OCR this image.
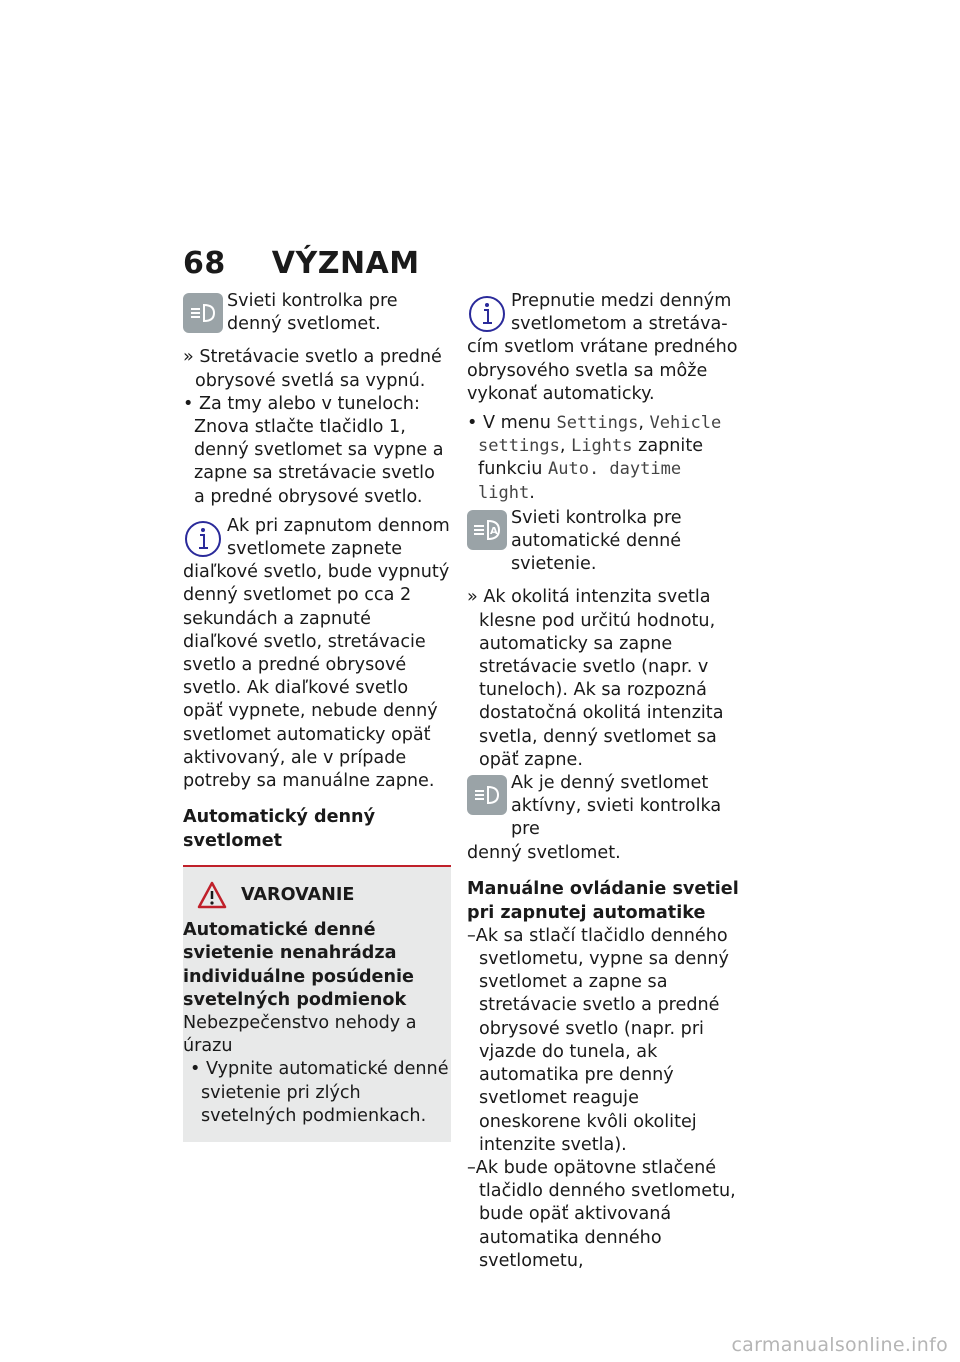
68 VÝZNAM

Svieti kontrolka pre denný svetlomet.

» Stretávacie svetlo a predné obrysové svetlá sa vypnú.

• Za tmy alebo v tuneloch:

Znova stlačte tlačidlo 1, denný svetlomet sa vypne a zapne sa stretávacie svetlo a predné obrysové svetlo.

Ak pri zapnutom dennom svetlomete zapnete

diaľkové svetlo, bude vypnutý denný svetlomet po cca 2 sekundách a zapnuté diaľkové svetlo, stretávacie svetlo a predné obrysové svetlo. Ak diaľkové svetlo opäť vypnete, nebude denný svetlomet automaticky opäť aktivovaný, ale v prípade potreby sa manuálne zapne.

Automatický denný svetlomet

VAROVANIE

Automatické denné svietenie nenahrádza individuálne posúdenie svetelných podmienok

Nebezpečenstvo nehody a úrazu

• Vypnite automatické denné svietenie pri zlých svetelných podmienkach.

Prepnutie medzi denným svetlometom a stretáva-

cím svetlom vrátane predného obrysového svetla sa môže vykonať automaticky.

• V menu Settings, Vehicle settings, Lights zapnite funkciu Auto. daytime light.

A

Svieti kontrolka pre automatické denné svietenie.

» Ak okolitá intenzita svetla klesne pod určitú hodnotu, automaticky sa zapne stretávacie svetlo (napr. v tuneloch). Ak sa rozpozná dostatočná okolitá intenzita svetla, denný svetlomet sa opäť zapne.

Ak je denný svetlomet aktívny, svieti kontrolka pre

denný svetlomet.

Manuálne ovládanie svetiel pri zapnutej automatike

–Ak sa stlačí tlačidlo denného svetlometu, vypne sa denný svetlomet a zapne sa stretávacie svetlo a predné obrysové svetlo (napr. pri vjazde do tunela, ak automatika pre denný svetlomet reaguje oneskorene kvôli okolitej intenzite svetla).

–Ak bude opätovne stlačené tlačidlo denného svetlometu, bude opäť aktivovaná automatika denného svetlometu,

carmanualsonline.info
